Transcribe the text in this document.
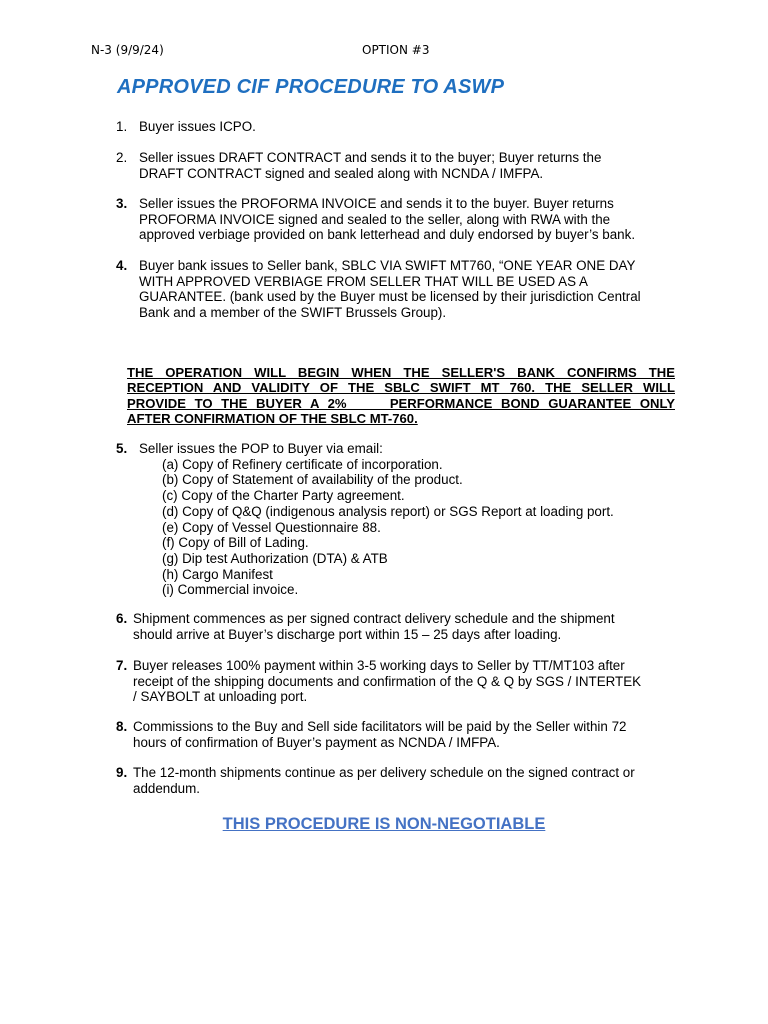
N-3 (9/9/24)	OPTION #3
APPROVED CIF PROCEDURE TO ASWP
1. Buyer issues ICPO.
2. Seller issues DRAFT CONTRACT and sends it to the buyer; Buyer returns the
DRAFT CONTRACT signed and sealed along with NCNDA / IMFPA.
3. Seller issues the PROFORMA INVOICE and sends it to the buyer. Buyer returns
PROFORMA INVOICE signed and sealed to the seller, along with RWA with the
approved verbiage provided on bank letterhead and duly endorsed by buyer’s bank.
4. Buyer bank issues to Seller bank, SBLC VIA SWIFT MT760, “ONE YEAR ONE DAY
WITH APPROVED VERBIAGE FROM SELLER THAT WILL BE USED AS A
GUARANTEE. (bank used by the Buyer must be licensed by their jurisdiction Central
Bank and a member of the SWIFT Brussels Group).
THE OPERATION WILL BEGIN WHEN THE SELLER'S BANK CONFIRMS THE
RECEPTION AND VALIDITY OF THE SBLC SWIFT MT 760. THE SELLER WILL
PROVIDE TO THE BUYER A 2%     PERFORMANCE BOND GUARANTEE ONLY
AFTER CONFIRMATION OF THE SBLC MT-760.
5. Seller issues the POP to Buyer via email:
(a) Copy of Refinery certificate of incorporation.
(b) Copy of Statement of availability of the product.
(c) Copy of the Charter Party agreement.
(d) Copy of Q&Q (indigenous analysis report) or SGS Report at loading port.
(e) Copy of Vessel Questionnaire 88.
(f) Copy of Bill of Lading.
(g) Dip test Authorization (DTA) & ATB
(h) Cargo Manifest
(i) Commercial invoice.
6. Shipment commences as per signed contract delivery schedule and the shipment
should arrive at Buyer’s discharge port within 15 – 25 days after loading.
7. Buyer releases 100% payment within 3-5 working days to Seller by TT/MT103 after
receipt of the shipping documents and confirmation of the Q & Q by SGS / INTERTEK
/ SAYBOLT at unloading port.
8. Commissions to the Buy and Sell side facilitators will be paid by the Seller within 72
hours of confirmation of Buyer’s payment as NCNDA / IMFPA.
9. The 12-month shipments continue as per delivery schedule on the signed contract or
addendum.
THIS PROCEDURE IS NON-NEGOTIABLE
